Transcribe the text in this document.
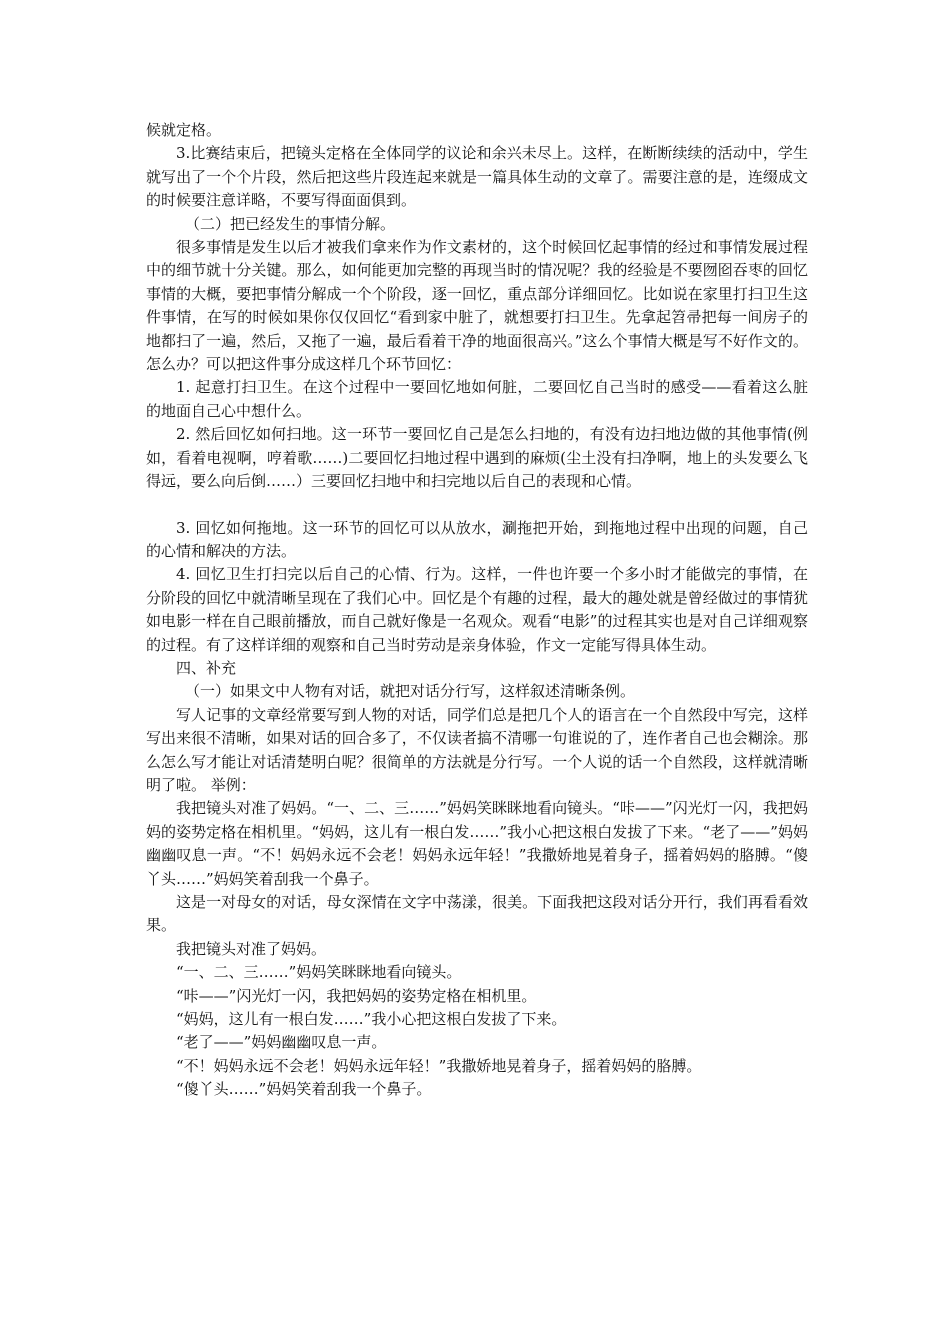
候就定格。

3.比赛结束后，把镜头定格在全体同学的议论和余兴未尽上。这样，在断断续续的活动中，学生就写出了一个个片段，然后把这些片段连起来就是一篇具体生动的文章了。需要注意的是，连缀成文的时候要注意详略，不要写得面面俱到。

（二）把已经发生的事情分解。

很多事情是发生以后才被我们拿来作为作文素材的，这个时候回忆起事情的经过和事情发展过程中的细节就十分关键。那么，如何能更加完整的再现当时的情况呢？我的经验是不要囫囵吞枣的回忆事情的大概，要把事情分解成一个个阶段，逐一回忆，重点部分详细回忆。比如说在家里打扫卫生这件事情，在写的时候如果你仅仅回忆“看到家中脏了，就想要打扫卫生。先拿起笤帚把每一间房子的地都扫了一遍，然后，又拖了一遍，最后看着干净的地面很高兴。”这么个事情大概是写不好作文的。怎么办？可以把这件事分成这样几个环节回忆：

1. 起意打扫卫生。在这个过程中一要回忆地如何脏，二要回忆自己当时的感受——看着这么脏的地面自己心中想什么。

2. 然后回忆如何扫地。这一环节一要回忆自己是怎么扫地的，有没有边扫地边做的其他事情(例如，看着电视啊，哼着歌……)二要回忆扫地过程中遇到的麻烦(尘土没有扫净啊，地上的头发要么飞得远，要么向后倒……）三要回忆扫地中和扫完地以后自己的表现和心情。

3. 回忆如何拖地。这一环节的回忆可以从放水，涮拖把开始，到拖地过程中出现的问题，自己的心情和解决的方法。

4. 回忆卫生打扫完以后自己的心情、行为。这样，一件也许要一个多小时才能做完的事情，在分阶段的回忆中就清晰呈现在了我们心中。回忆是个有趣的过程，最大的趣处就是曾经做过的事情犹如电影一样在自己眼前播放，而自己就好像是一名观众。观看“电影”的过程其实也是对自己详细观察的过程。有了这样详细的观察和自己当时劳动是亲身体验，作文一定能写得具体生动。

四、补充

（一）如果文中人物有对话，就把对话分行写，这样叙述清晰条例。

写人记事的文章经常要写到人物的对话，同学们总是把几个人的语言在一个自然段中写完，这样写出来很不清晰，如果对话的回合多了，不仅读者搞不清哪一句谁说的了，连作者自己也会糊涂。那么怎么写才能让对话清楚明白呢？很简单的方法就是分行写。一个人说的话一个自然段，这样就清晰明了啦。 举例：

我把镜头对准了妈妈。“一、二、三……”妈妈笑眯眯地看向镜头。“咔——”闪光灯一闪，我把妈妈的姿势定格在相机里。“妈妈，这儿有一根白发……”我小心把这根白发拔了下来。“老了——”妈妈幽幽叹息一声。“不！妈妈永远不会老！妈妈永远年轻！”我撒娇地晃着身子，摇着妈妈的胳膊。“傻丫头……”妈妈笑着刮我一个鼻子。

这是一对母女的对话，母女深情在文字中荡漾，很美。下面我把这段对话分开行，我们再看看效果。

我把镜头对准了妈妈。

“一、二、三……”妈妈笑眯眯地看向镜头。

“咔——”闪光灯一闪，我把妈妈的姿势定格在相机里。

“妈妈，这儿有一根白发……”我小心把这根白发拔了下来。

“老了——”妈妈幽幽叹息一声。

“不！妈妈永远不会老！妈妈永远年轻！”我撒娇地晃着身子，摇着妈妈的胳膊。

“傻丫头……”妈妈笑着刮我一个鼻子。
